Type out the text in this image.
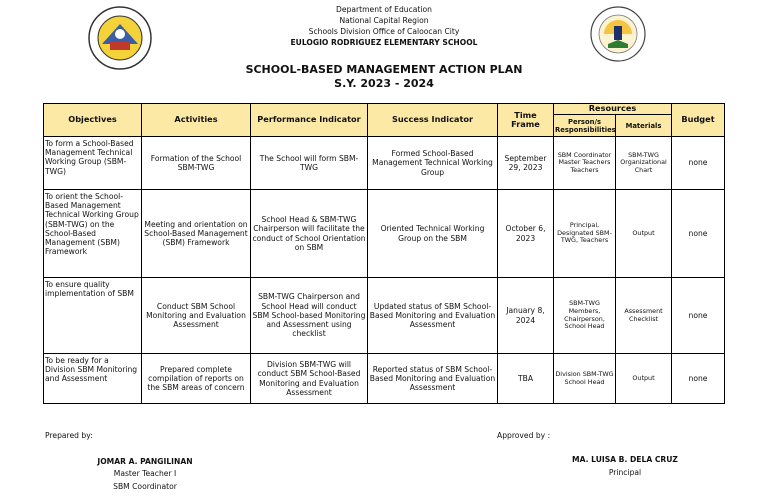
Department of Education
National Capital Region
Schools Division Office of Caloocan City
EULOGIO RODRIGUEZ ELEMENTARY SCHOOL
SCHOOL-BASED MANAGEMENT ACTION PLAN
S.Y. 2023 - 2024
Objectives	Activities	Performance Indicator	Success Indicator	Time Frame	Resources		Budget
					Person/s Responsibilities	Materials	
To form a School-Based Management Technical Working Group (SBM-TWG)	Formation of the School SBM-TWG	The School will form SBM-TWG	Formed School-Based Management Technical Working Group	September 29, 2023	SBM Coordinator Master Teachers Teachers	SBM-TWG Organizational Chart	none
To orient the School-Based Management Technical Working Group (SBM-TWG) on the School-Based Management (SBM) Framework	Meeting and orientation on School-Based Management (SBM) Framework	School Head & SBM-TWG Chairperson will facilitate the conduct of School Orientation on SBM	Oriented Technical Working Group on the SBM	October 6, 2023	Principal, Designated SBM-TWG, Teachers	Output	none
To ensure quality implementation of SBM	Conduct SBM School Monitoring and Evaluation Assessment	SBM-TWG Chairperson and School Head will conduct SBM School-based Monitoring and Assessment using checklist	Updated status of SBM School-Based Monitoring and Evaluation Assessment	January 8, 2024	SBM-TWG Members, Chairperson, School Head	Assessment Checklist	none
To be ready for a Division SBM Monitoring and Assessment	Prepared complete compilation of reports on the SBM areas of concern	Division SBM-TWG will conduct SBM School-Based Monitoring and Evaluation Assessment	Reported status of SBM School-Based Monitoring and Evaluation Assessment	TBA	Division SBM-TWG School Head	Output	none
Prepared by:
JOMAR A. PANGILINAN
Master Teacher I
SBM Coordinator
Approved by :
MA. LUISA B. DELA CRUZ
Principal
